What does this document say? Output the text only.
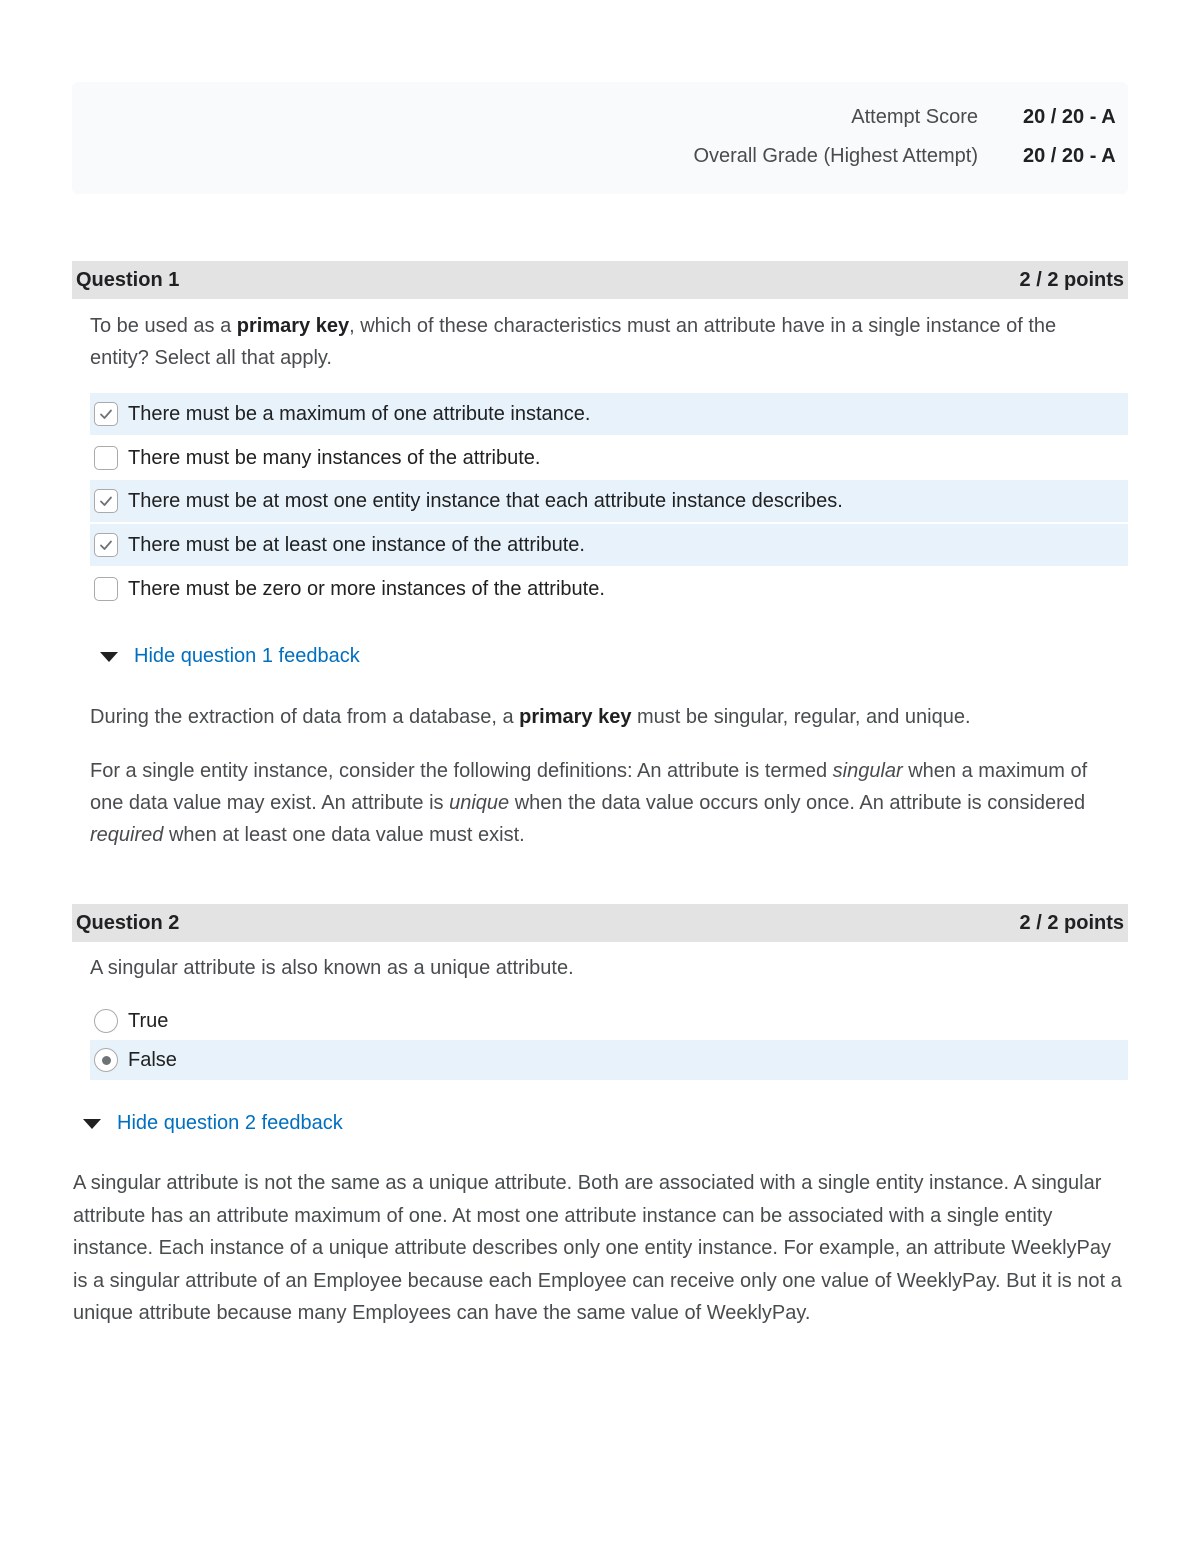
Attempt Score	20 / 20 - A
Overall Grade (Highest Attempt)	20 / 20 - A
Question 1	2 / 2 points
To be used as a primary key, which of these characteristics must an attribute have in a single instance of the entity? Select all that apply.
There must be a maximum of one attribute instance.
There must be many instances of the attribute.
There must be at most one entity instance that each attribute instance describes.
There must be at least one instance of the attribute.
There must be zero or more instances of the attribute.
Hide question 1 feedback

During the extraction of data from a database, a primary key must be singular, regular, and unique.

For a single entity instance, consider the following definitions: An attribute is termed singular when a maximum of one data value may exist. An attribute is unique when the data value occurs only once. An attribute is considered required when at least one data value must exist.

Question 2	2 / 2 points
A singular attribute is also known as a unique attribute.
True
False
Hide question 2 feedback
A singular attribute is not the same as a unique attribute. Both are associated with a single entity instance. A singular attribute has an attribute maximum of one. At most one attribute instance can be associated with a single entity instance. Each instance of a unique attribute describes only one entity instance. For example, an attribute WeeklyPay is a singular attribute of an Employee because each Employee can receive only one value of WeeklyPay. But it is not a unique attribute because many Employees can have the same value of WeeklyPay.
